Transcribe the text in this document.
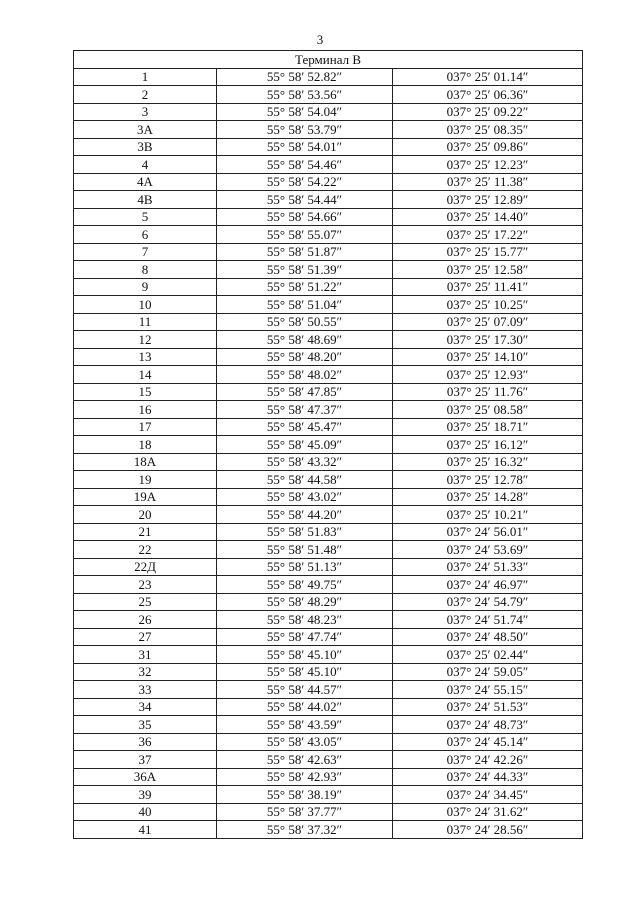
3
Терминал В		
1	55° 58′ 52.82″	037° 25′ 01.14″
2	55° 58′ 53.56″	037° 25′ 06.36″
3	55° 58′ 54.04″	037° 25′ 09.22″
3А	55° 58′ 53.79″	037° 25′ 08.35″
3В	55° 58′ 54.01″	037° 25′ 09.86″
4	55° 58′ 54.46″	037° 25′ 12.23″
4А	55° 58′ 54.22″	037° 25′ 11.38″
4В	55° 58′ 54.44″	037° 25′ 12.89″
5	55° 58′ 54.66″	037° 25′ 14.40″
6	55° 58′ 55.07″	037° 25′ 17.22″
7	55° 58′ 51.87″	037° 25′ 15.77″
8	55° 58′ 51.39″	037° 25′ 12.58″
9	55° 58′ 51.22″	037° 25′ 11.41″
10	55° 58′ 51.04″	037° 25′ 10.25″
11	55° 58′ 50.55″	037° 25′ 07.09″
12	55° 58′ 48.69″	037° 25′ 17.30″
13	55° 58′ 48.20″	037° 25′ 14.10″
14	55° 58′ 48.02″	037° 25′ 12.93″
15	55° 58′ 47.85″	037° 25′ 11.76″
16	55° 58′ 47.37″	037° 25′ 08.58″
17	55° 58′ 45.47″	037° 25′ 18.71″
18	55° 58′ 45.09″	037° 25′ 16.12″
18А	55° 58′ 43.32″	037° 25′ 16.32″
19	55° 58′ 44.58″	037° 25′ 12.78″
19А	55° 58′ 43.02″	037° 25′ 14.28″
20	55° 58′ 44.20″	037° 25′ 10.21″
21	55° 58′ 51.83″	037° 24′ 56.01″
22	55° 58′ 51.48″	037° 24′ 53.69″
22Д	55° 58′ 51.13″	037° 24′ 51.33″
23	55° 58′ 49.75″	037° 24′ 46.97″
25	55° 58′ 48.29″	037° 24′ 54.79″
26	55° 58′ 48.23″	037° 24′ 51.74″
27	55° 58′ 47.74″	037° 24′ 48.50″
31	55° 58′ 45.10″	037° 25′ 02.44″
32	55° 58′ 45.10″	037° 24′ 59.05″
33	55° 58′ 44.57″	037° 24′ 55.15″
34	55° 58′ 44.02″	037° 24′ 51.53″
35	55° 58′ 43.59″	037° 24′ 48.73″
36	55° 58′ 43.05″	037° 24′ 45.14″
37	55° 58′ 42.63″	037° 24′ 42.26″
36А	55° 58′ 42.93″	037° 24′ 44.33″
39	55° 58′ 38.19″	037° 24′ 34.45″
40	55° 58′ 37.77″	037° 24′ 31.62″
41	55° 58′ 37.32″	037° 24′ 28.56″
